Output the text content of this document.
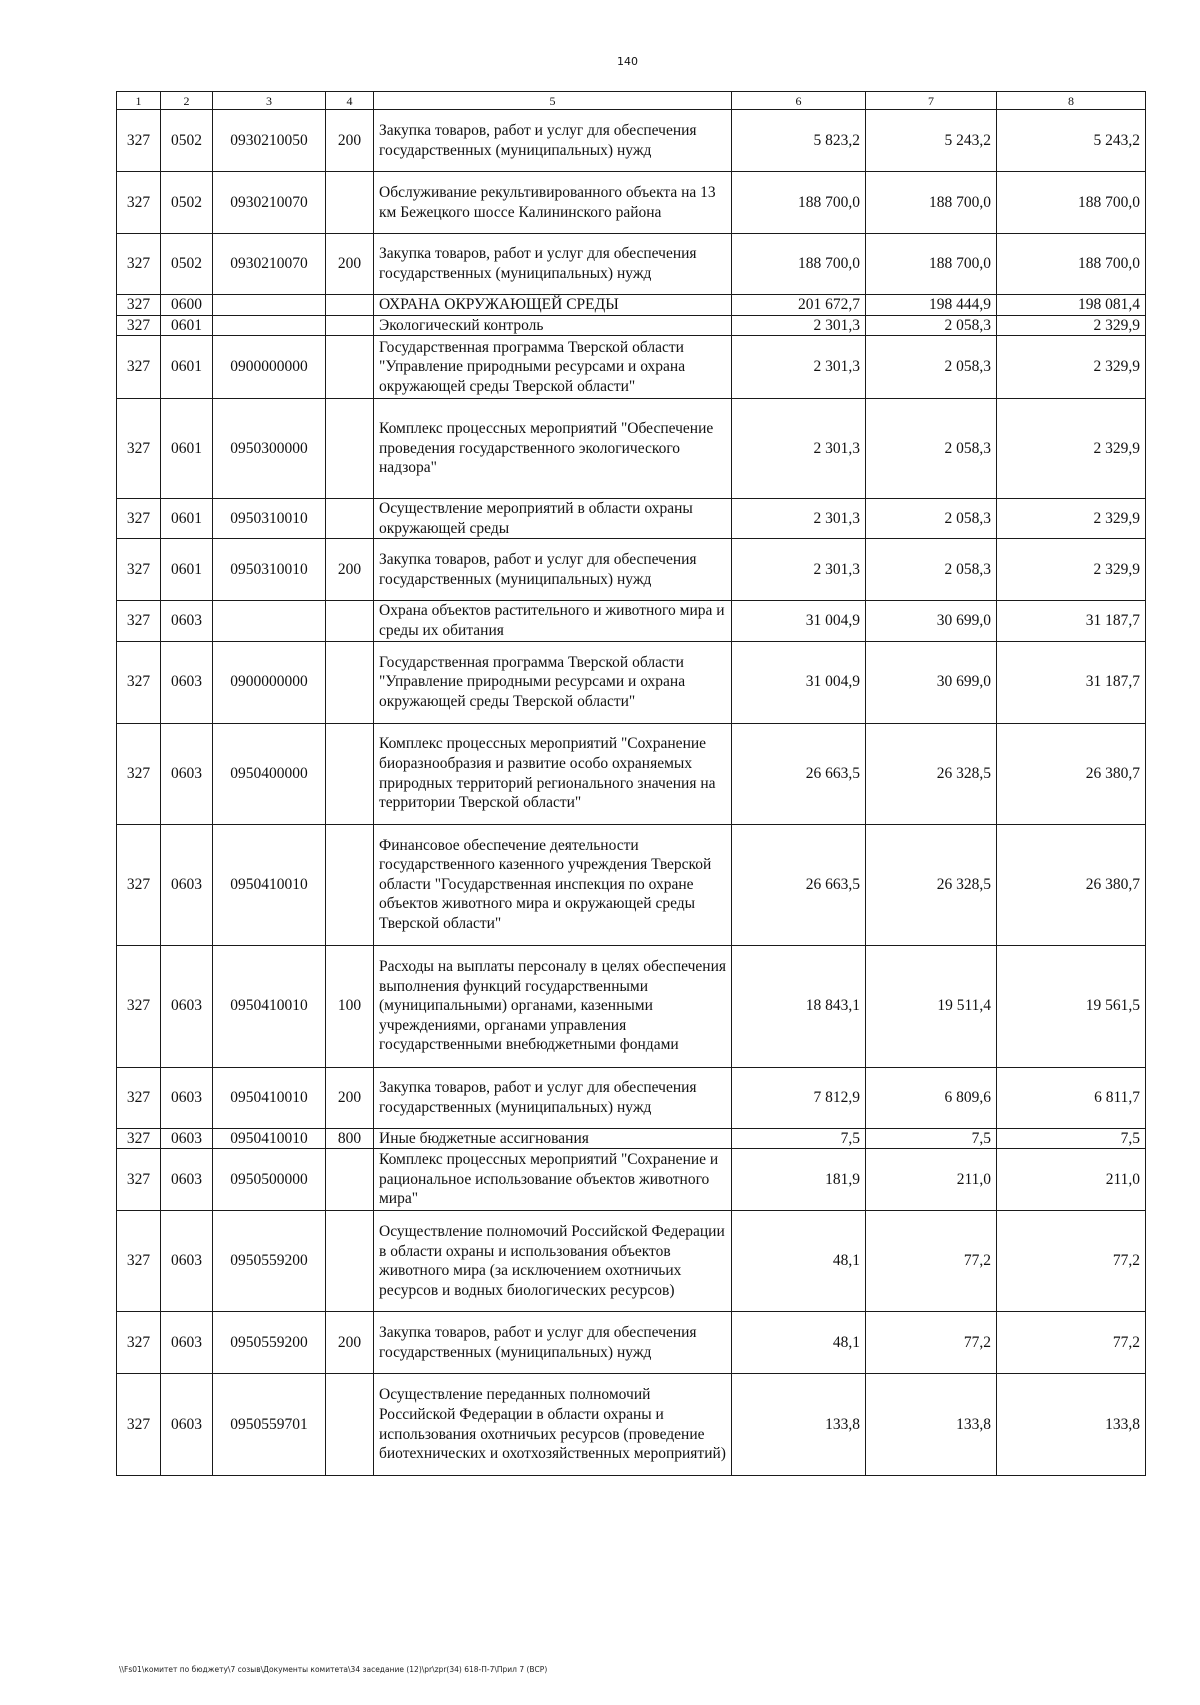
140
1	2	3	4	5	6	7	8
327	0502	0930210050	200	Закупка товаров, работ и услуг для обеспечения государственных (муниципальных) нужд	5 823,2	5 243,2	5 243,2
327	0502	0930210070		Обслуживание рекультивированного объекта на 13 км Бежецкого шоссе Калининского района	188 700,0	188 700,0	188 700,0
327	0502	0930210070	200	Закупка товаров, работ и услуг для обеспечения государственных (муниципальных) нужд	188 700,0	188 700,0	188 700,0
327	0600			ОХРАНА ОКРУЖАЮЩЕЙ СРЕДЫ	201 672,7	198 444,9	198 081,4
327	0601			Экологический контроль	2 301,3	2 058,3	2 329,9
327	0601	0900000000		Государственная программа Тверской области "Управление природными ресурсами и охрана окружающей среды Тверской области"	2 301,3	2 058,3	2 329,9
327	0601	0950300000		Комплекс процессных мероприятий "Обеспечение проведения государственного экологического надзора"	2 301,3	2 058,3	2 329,9
327	0601	0950310010		Осуществление мероприятий в области охраны окружающей среды	2 301,3	2 058,3	2 329,9
327	0601	0950310010	200	Закупка товаров, работ и услуг для обеспечения государственных (муниципальных) нужд	2 301,3	2 058,3	2 329,9
327	0603			Охрана объектов растительного и животного мира и среды их обитания	31 004,9	30 699,0	31 187,7
327	0603	0900000000		Государственная программа Тверской области "Управление природными ресурсами и охрана окружающей среды Тверской области"	31 004,9	30 699,0	31 187,7
327	0603	0950400000		Комплекс процессных мероприятий "Сохранение биоразнообразия и развитие особо охраняемых природных территорий регионального значения на территории Тверской области"	26 663,5	26 328,5	26 380,7
327	0603	0950410010		Финансовое обеспечение деятельности государственного казенного учреждения Тверской области "Государственная инспекция по охране объектов животного мира и окружающей среды Тверской области"	26 663,5	26 328,5	26 380,7
327	0603	0950410010	100	Расходы на выплаты персоналу в целях обеспечения выполнения функций государственными (муниципальными) органами, казенными учреждениями, органами управления государственными внебюджетными фондами	18 843,1	19 511,4	19 561,5
327	0603	0950410010	200	Закупка товаров, работ и услуг для обеспечения государственных (муниципальных) нужд	7 812,9	6 809,6	6 811,7
327	0603	0950410010	800	Иные бюджетные ассигнования	7,5	7,5	7,5
327	0603	0950500000		Комплекс процессных мероприятий "Сохранение и рациональное использование объектов животного мира"	181,9	211,0	211,0
327	0603	0950559200		Осуществление полномочий Российской Федерации в области охраны и использования объектов животного мира (за исключением охотничьих ресурсов и водных биологических ресурсов)	48,1	77,2	77,2
327	0603	0950559200	200	Закупка товаров, работ и услуг для обеспечения государственных (муниципальных) нужд	48,1	77,2	77,2
327	0603	0950559701		Осуществление переданных полномочий Российской Федерации в области охраны и использования охотничьих ресурсов (проведение биотехнических и охотхозяйственных мероприятий)	133,8	133,8	133,8
\\Fs01\комитет по бюджету\7 созыв\Документы комитета\34 заседание (12)\pr\zpr(34) 618-П-7\Прил 7 (ВСР)
